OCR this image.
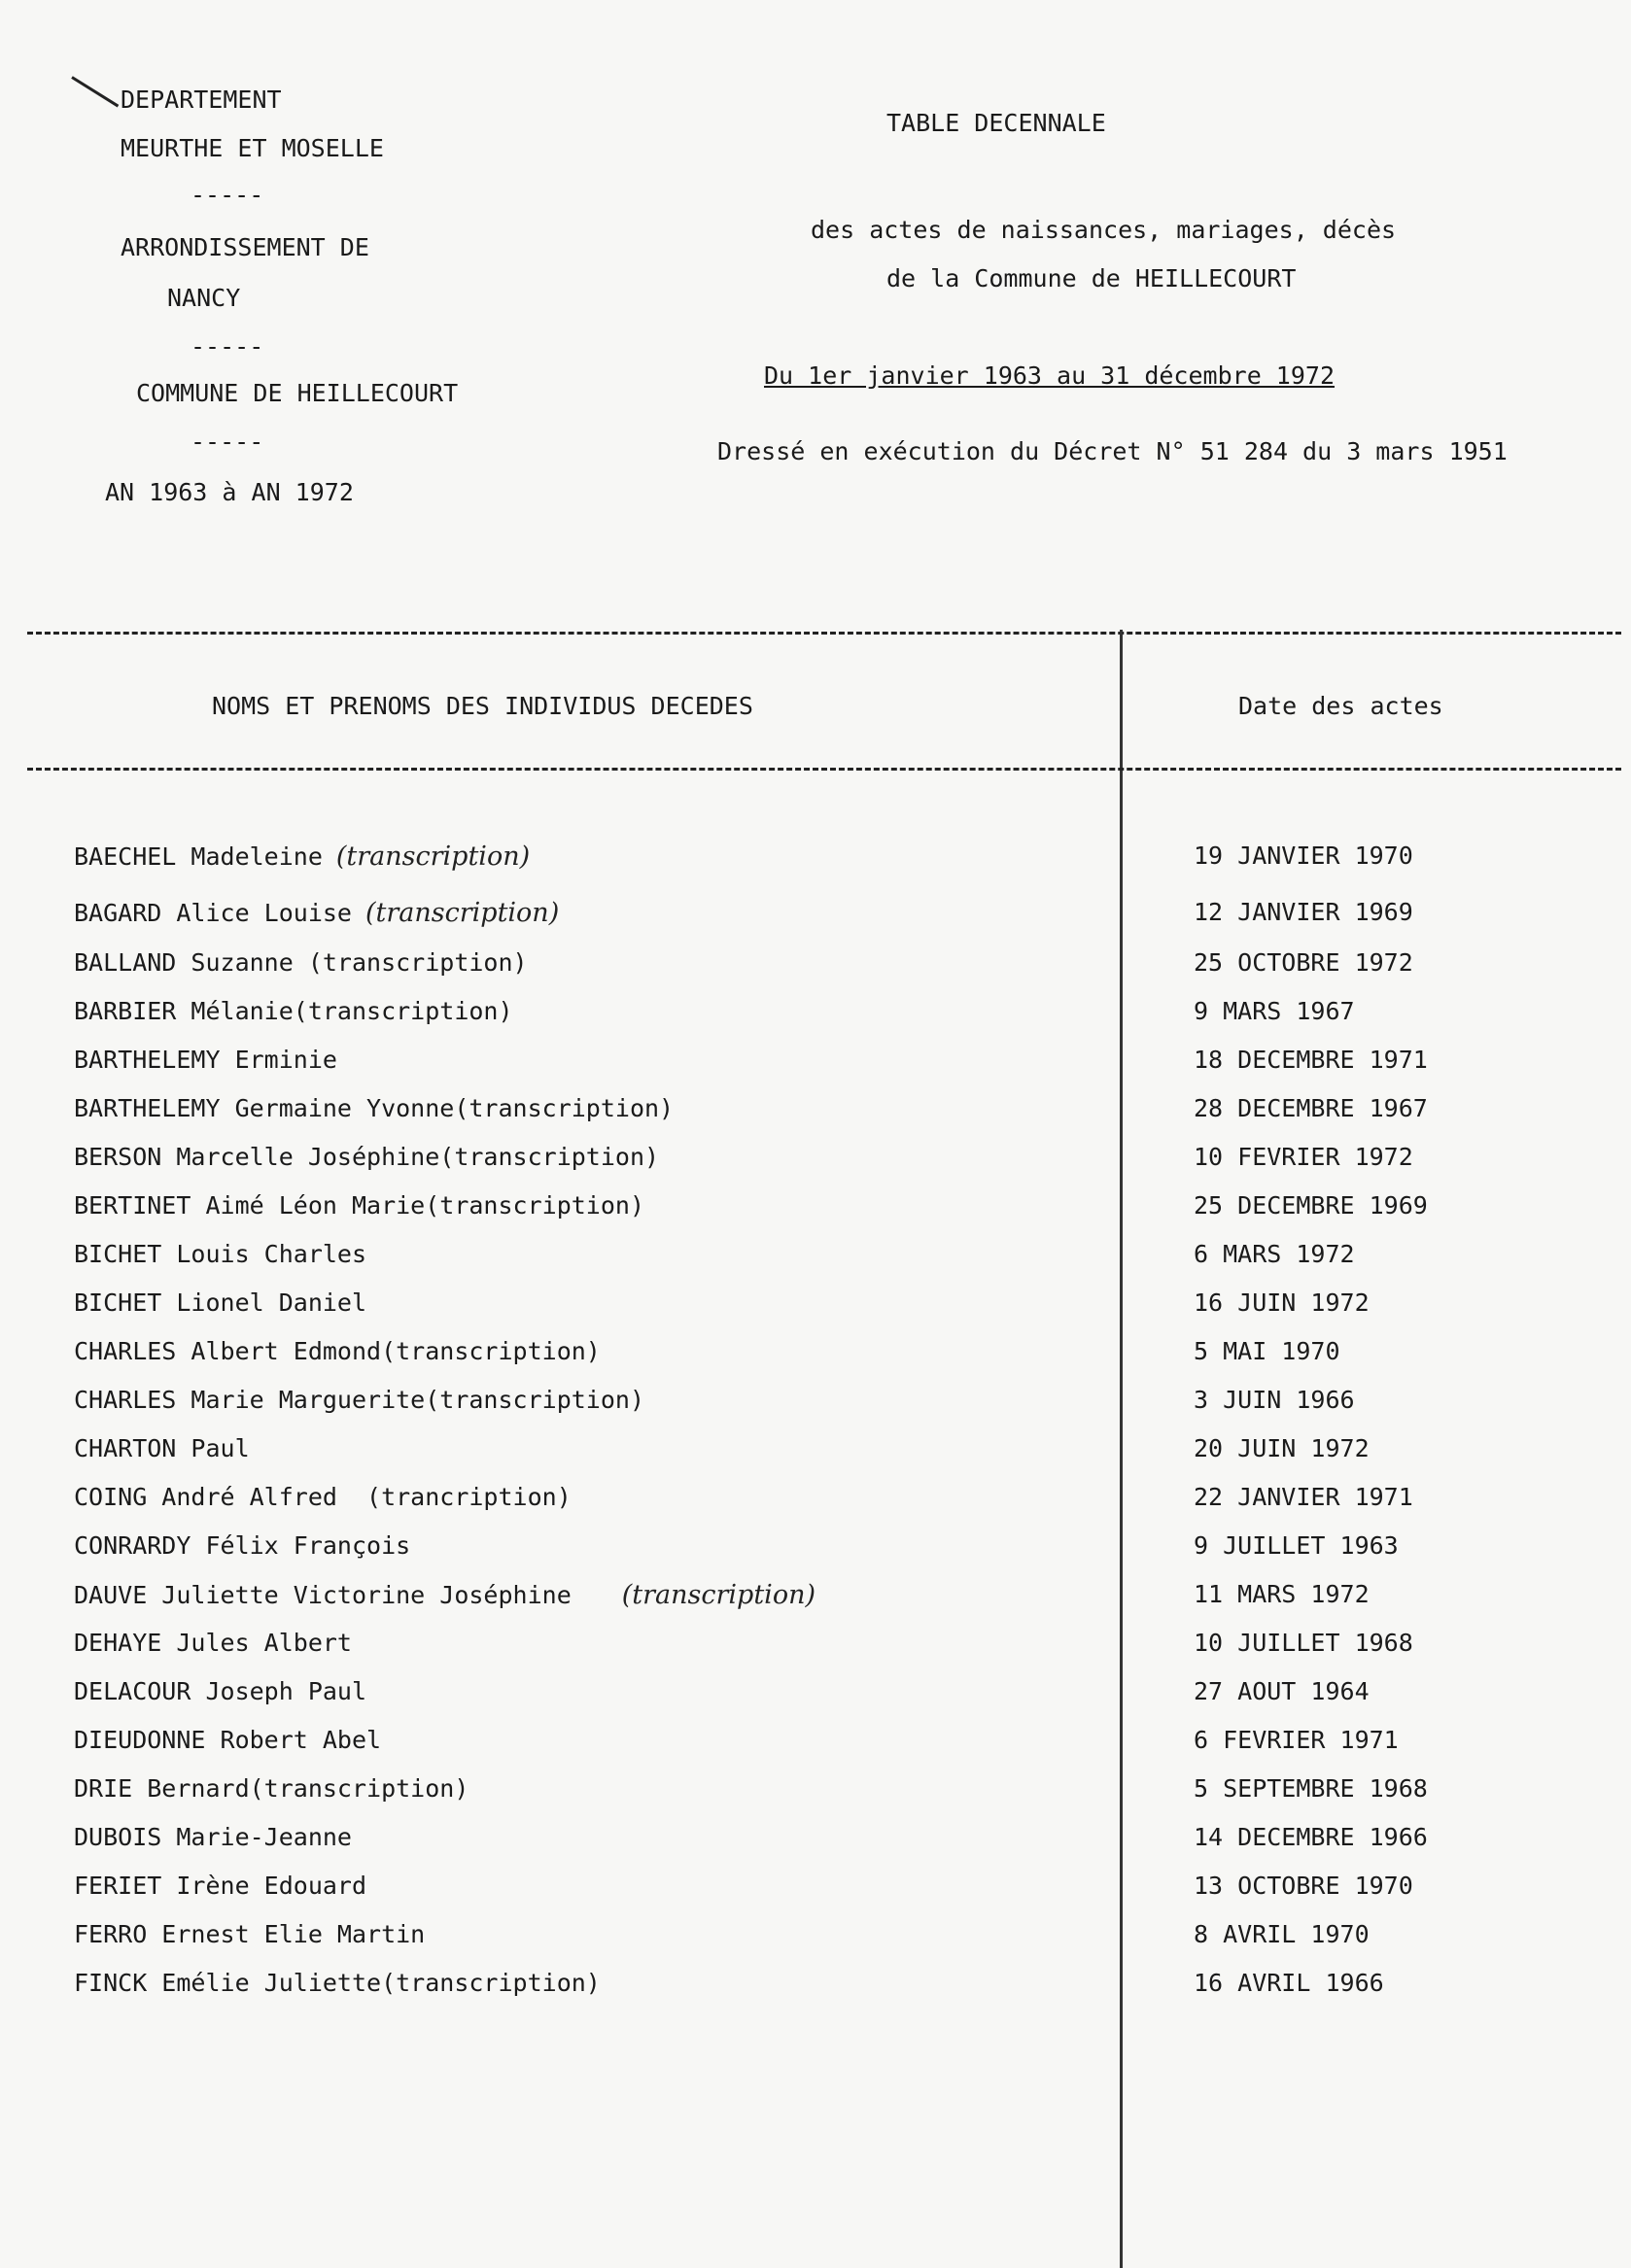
DEPARTEMENT
MEURTHE ET MOSELLE
-----
ARRONDISSEMENT DE
NANCY
-----
COMMUNE DE HEILLECOURT
-----
AN 1963 à AN 1972
TABLE DECENNALE
des actes de naissances, mariages, décès
de la Commune de HEILLECOURT
Du 1er janvier 1963 au 31 décembre 1972
Dressé en exécution du Décret N° 51 284 du 3 mars 1951
NOMS ET PRENOMS DES INDIVIDUS DECEDES	Date des actes
BAECHEL Madeleine (transcription)	19 JANVIER 1970
BAGARD Alice Louise (transcription)	12 JANVIER 1969
BALLAND Suzanne (transcription)	25 OCTOBRE 1972
BARBIER Mélanie(transcription)	9 MARS 1967
BARTHELEMY Erminie	18 DECEMBRE 1971
BARTHELEMY Germaine Yvonne(transcription)	28 DECEMBRE 1967
BERSON Marcelle Joséphine(transcription)	10 FEVRIER 1972
BERTINET Aimé Léon Marie(transcription)	25 DECEMBRE 1969
BICHET Louis Charles	6 MARS 1972
BICHET Lionel Daniel	16 JUIN 1972
CHARLES Albert Edmond(transcription)	5 MAI 1970
CHARLES Marie Marguerite(transcription)	3 JUIN 1966
CHARTON Paul	20 JUIN 1972
COING André Alfred  (trancription)	22 JANVIER 1971
CONRARDY Félix François	9 JUILLET 1963
DAUVE Juliette Victorine Joséphine (transcription)	11 MARS 1972
DEHAYE Jules Albert	10 JUILLET 1968
DELACOUR Joseph Paul	27 AOUT 1964
DIEUDONNE Robert Abel	6 FEVRIER 1971
DRIE Bernard(transcription)	5 SEPTEMBRE 1968
DUBOIS Marie-Jeanne	14 DECEMBRE 1966
FERIET Irène Edouard	13 OCTOBRE 1970
FERRO Ernest Elie Martin	8 AVRIL 1970
FINCK Emélie Juliette(transcription)	16 AVRIL 1966
